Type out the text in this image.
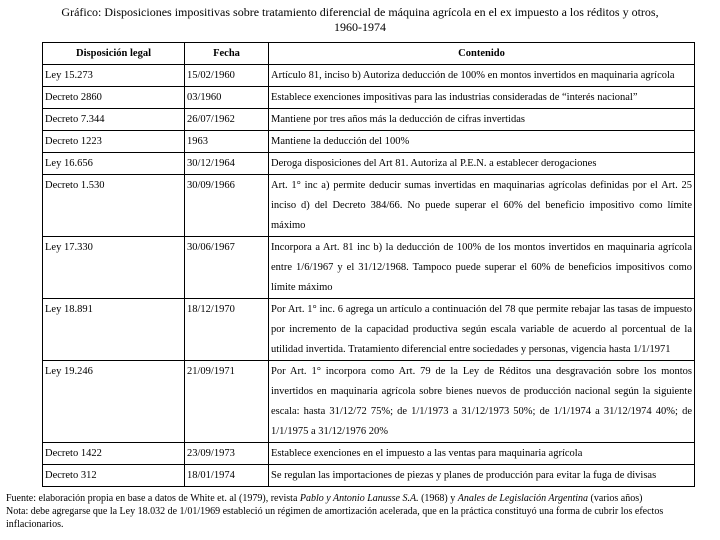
Gráfico: Disposiciones impositivas sobre tratamiento diferencial de máquina agrícola en el ex impuesto a los réditos y otros, 1960-1974
Disposición legal	Fecha	Contenido
Ley 15.273	15/02/1960	Artículo 81, inciso b) Autoriza deducción de 100% en montos invertidos en maquinaria agrícola
Decreto 2860	03/1960	Establece exenciones impositivas para las industrias consideradas de “interés nacional”
Decreto 7.344	26/07/1962	Mantiene por tres años más la deducción de cifras invertidas
Decreto 1223	1963	Mantiene la deducción del 100%
Ley 16.656	30/12/1964	Deroga disposiciones del Art 81. Autoriza al P.E.N. a establecer derogaciones
Decreto 1.530	30/09/1966	Art. 1° inc a) permite deducir sumas invertidas en maquinarias agrícolas definidas por el Art. 25 inciso d) del Decreto 384/66. No puede superar el 60% del beneficio impositivo como límite máximo
Ley 17.330	30/06/1967	Incorpora a Art. 81 inc b) la deducción de 100% de los montos invertidos en maquinaria agrícola entre 1/6/1967 y el 31/12/1968. Tampoco puede superar el 60% de beneficios impositivos como límite máximo
Ley 18.891	18/12/1970	Por Art. 1° inc. 6 agrega un artículo a continuación del 78 que permite rebajar las tasas de impuesto por incremento de la capacidad productiva según escala variable de acuerdo al porcentual de la utilidad invertida. Tratamiento diferencial entre sociedades y personas, vigencia hasta 1/1/1971
Ley 19.246	21/09/1971	Por Art. 1° incorpora como Art. 79 de la Ley de Réditos una desgravación sobre los montos invertidos en maquinaria agrícola sobre bienes nuevos de producción nacional según la siguiente escala: hasta 31/12/72 75%; de 1/1/1973 a 31/12/1973 50%; de 1/1/1974 a 31/12/1974 40%; de 1/1/1975 a 31/12/1976 20%
Decreto 1422	23/09/1973	Establece exenciones en el impuesto a las ventas para maquinaria agrícola
Decreto 312	18/01/1974	Se regulan las importaciones de piezas y planes de producción para evitar la fuga de divisas

Fuente: elaboración propia en base a datos de White et. al (1979), revista Pablo y Antonio Lanusse S.A. (1968) y Anales de Legislación Argentina (varios años)

Nota: debe agregarse que la Ley 18.032 de 1/01/1969 estableció un régimen de amortización acelerada, que en la práctica constituyó una forma de cubrir los efectos inflacionarios.
